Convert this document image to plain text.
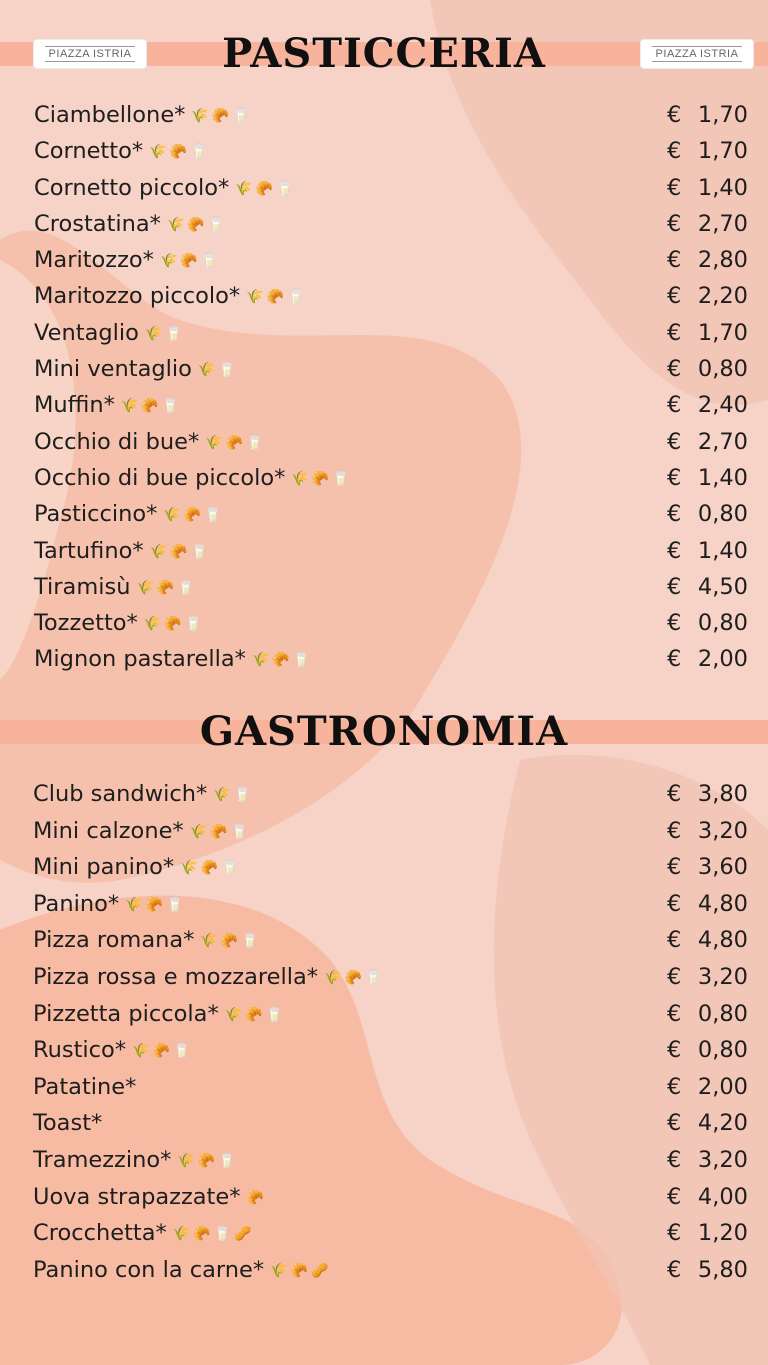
PIAZZA ISTRIA	PIAZZA ISTRIA
PASTICCERIA
GASTRONOMIA
Ciambellone* 🌾🥐🥛	€ 1,70
Cornetto* 🌾🥐🥛	€ 1,70
Cornetto piccolo* 🌾🥐🥛	€ 1,40
Crostatina* 🌾🥐🥛	€ 2,70
Maritozzo* 🌾🥐🥛	€ 2,80
Maritozzo piccolo* 🌾🥐🥛	€ 2,20
Ventaglio 🌾🥛	€ 1,70
Mini ventaglio 🌾🥛	€ 0,80
Muffin* 🌾🥐🥛	€ 2,40
Occhio di bue* 🌾🥐🥛	€ 2,70
Occhio di bue piccolo* 🌾🥐🥛	€ 1,40
Pasticcino* 🌾🥐🥛	€ 0,80
Tartufino* 🌾🥐🥛	€ 1,40
Tiramisù 🌾🥐🥛	€ 4,50
Tozzetto* 🌾🥐🥛	€ 0,80
Mignon pastarella* 🌾🥐🥛	€ 2,00
Club sandwich* 🌾🥛	€ 3,80
Mini calzone* 🌾🥐🥛	€ 3,20
Mini panino* 🌾🥐🥛	€ 3,60
Panino* 🌾🥐🥛	€ 4,80
Pizza romana* 🌾🥐🥛	€ 4,80
Pizza rossa e mozzarella* 🌾🥐🥛	€ 3,20
Pizzetta piccola* 🌾🥐🥛	€ 0,80
Rustico* 🌾🥐🥛	€ 0,80
Patatine*	€ 2,00
Toast*	€ 4,20
Tramezzino* 🌾🥐🥛	€ 3,20
Uova strapazzate* 🥐	€ 4,00
Crocchetta* 🌾🥐🥛🥜	€ 1,20
Panino con la carne* 🌾🥐🥜	€ 5,80
